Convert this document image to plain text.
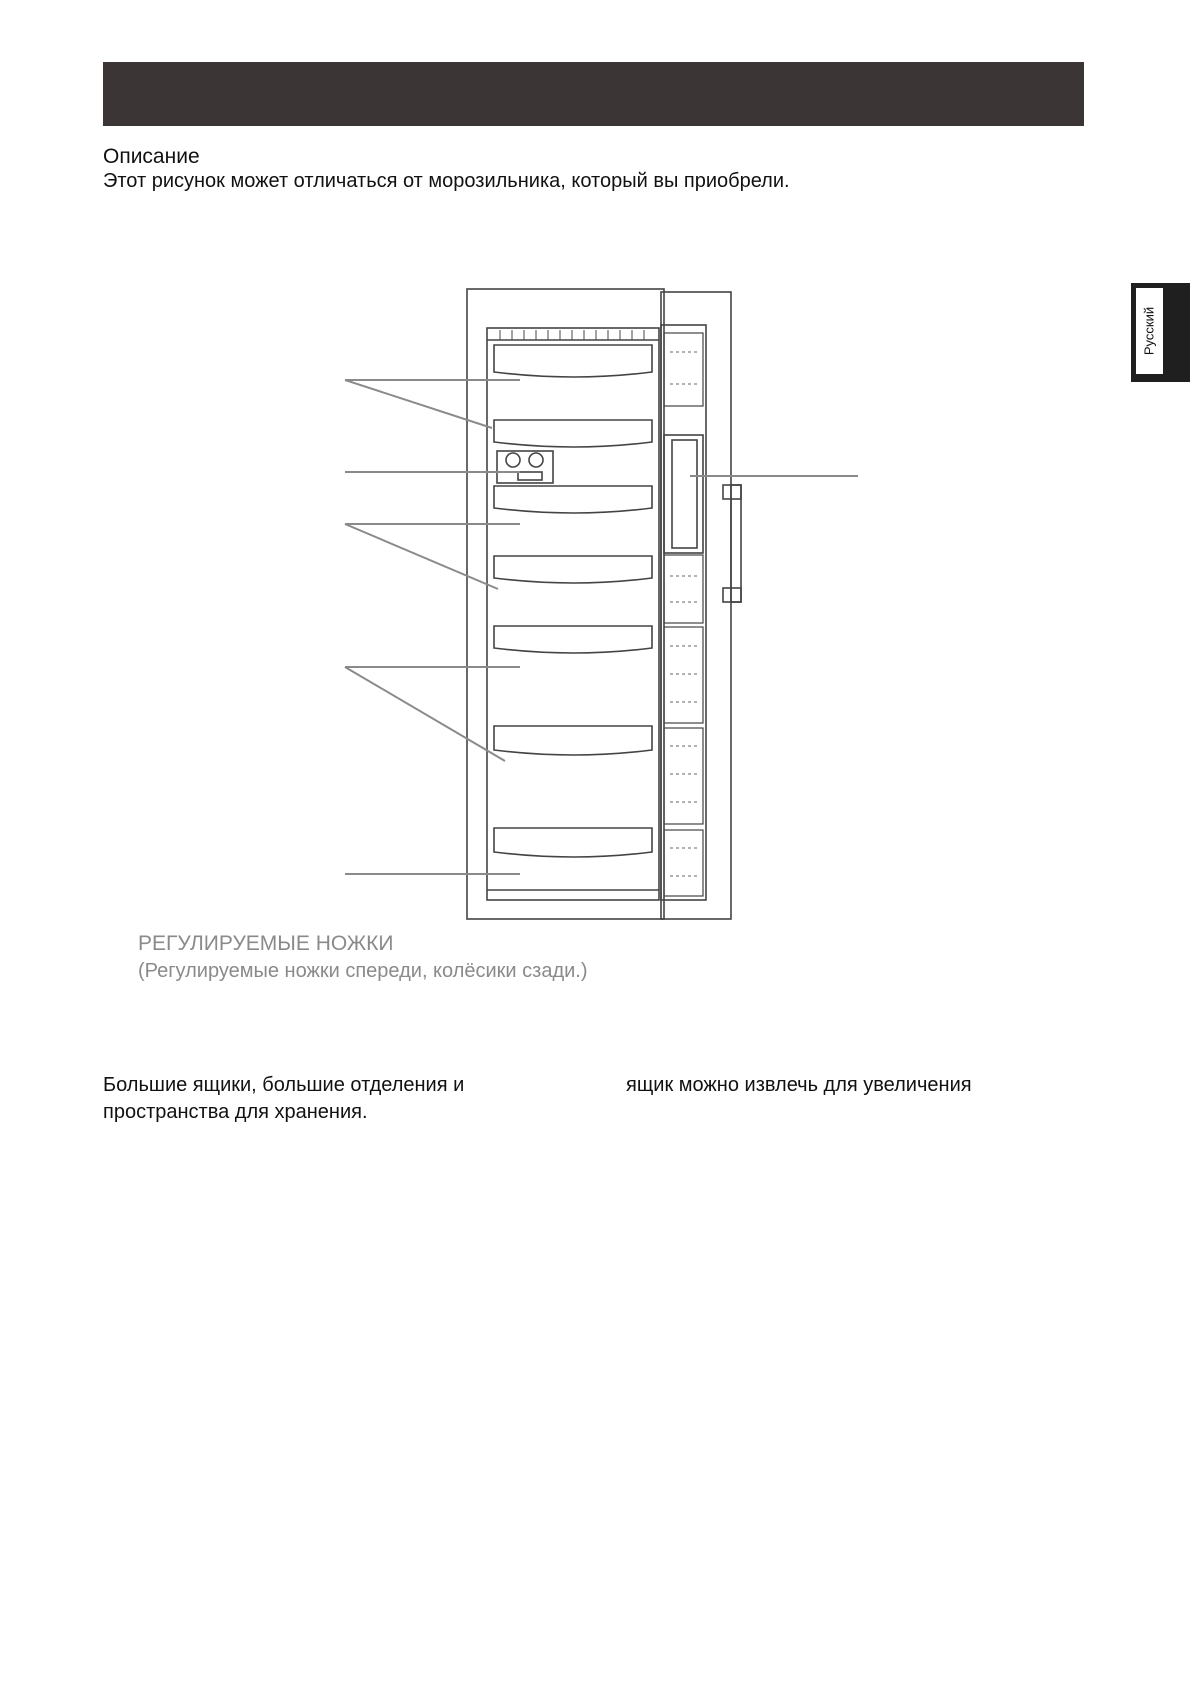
Русский
Описание
Этот рисунок может отличаться от морозильника, который вы приобрели.
РЕГУЛИРУЕМЫЕ НОЖКИ
(Регулируемые ножки спереди, колёсики сзади.)
Большие ящики, большие отделения и пространства для хранения.
ящик можно извлечь для увеличения
